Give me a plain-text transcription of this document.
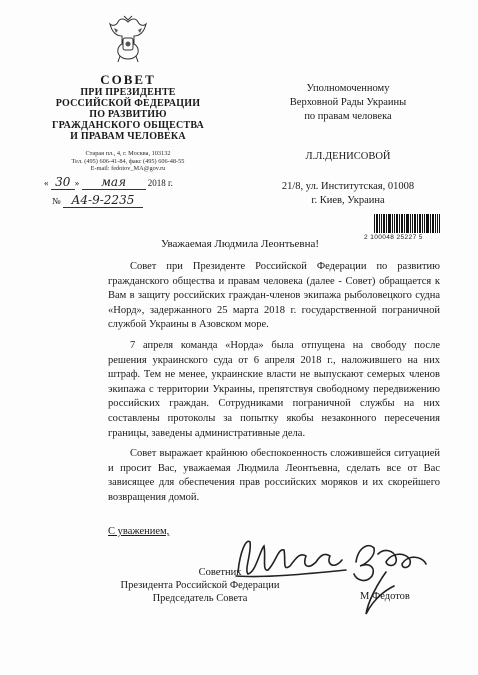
СОВЕТ
ПРИ ПРЕЗИДЕНТЕ
РОССИЙСКОЙ ФЕДЕРАЦИИ
ПО РАЗВИТИЮ
ГРАЖДАНСКОГО ОБЩЕСТВА
И ПРАВАМ ЧЕЛОВЕКА
Старая пл., 4, г. Москва, 103132
Тел. (495) 606-41-84, факс (495) 606-48-55
E-mail: fedotov_MA@gov.ru
« 30 » мая 2018 г.
№ А4-9-2235
Уполномоченному
Верховной Рады Украины
по правам человека
Л.Л.ДЕНИСОВОЙ
21/8, ул. Институтская, 01008
г. Киев, Украина
2 100048 25227 5
Уважаемая Людмила Леонтьевна!

Совет при Президенте Российской Федерации по развитию гражданского общества и правам человека (далее - Совет) обращается к Вам в защиту российских граждан-членов экипажа рыболовецкого судна «Норд», задержанного 25 марта 2018 г. государственной пограничной службой Украины в Азовском море.

7 апреля команда «Норда» была отпущена на свободу после решения украинского суда от 6 апреля 2018 г., наложившего на них штраф. Тем не менее, украинские власти не выпускают семерых членов экипажа с территории Украины, препятствуя свободному передвижению российских граждан. Сотрудниками пограничной службы на них составлены протоколы за попытку якобы незаконного пересечения границы, заведены административные дела.

Совет выражает крайнюю обеспокоенность сложившейся ситуацией и просит Вас, уважаемая Людмила Леонтьевна, сделать все от Вас зависящее для обеспечения прав российских моряков и их скорейшего возвращения домой.

С уважением,
Советник
Президента Российской Федерации
Председатель Совета	М.Федотов
